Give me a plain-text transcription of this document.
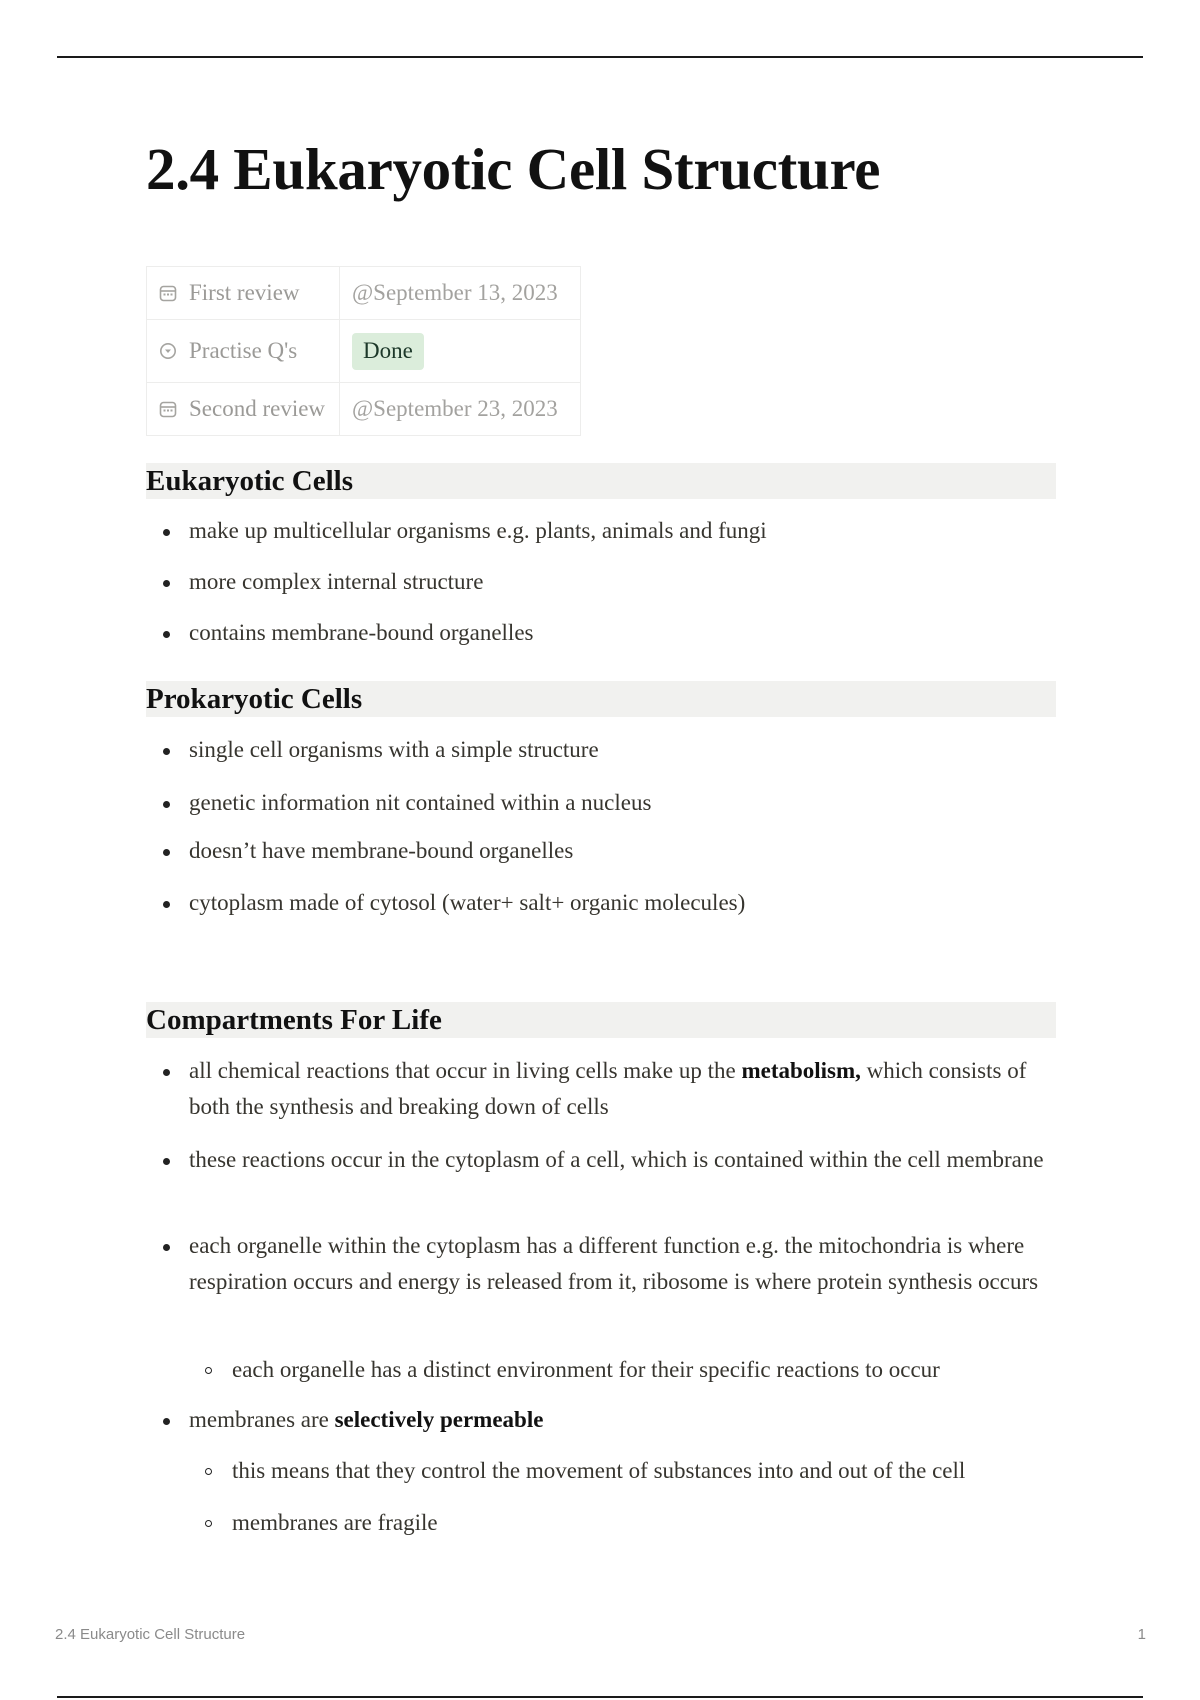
2.4 Eukaryotic Cell Structure
First review	@September 13, 2023
Practise Q's	Done
Second review	@September 23, 2023
Eukaryotic Cells
make up multicellular organisms e.g. plants, animals and fungi
more complex internal structure
contains membrane-bound organelles
Prokaryotic Cells
single cell organisms with a simple structure
genetic information nit contained within a nucleus
doesn’t have membrane-bound organelles
cytoplasm made of cytosol (water+ salt+ organic molecules)
Compartments For Life
all chemical reactions that occur in living cells make up the metabolism, which consists of both the synthesis and breaking down of cells
these reactions occur in the cytoplasm of a cell, which is contained within the cell membrane
each organelle within the cytoplasm has a different function e.g. the mitochondria is where respiration occurs and energy is released from it, ribosome is where protein synthesis occurs
each organelle has a distinct environment for their specific reactions to occur
membranes are selectively permeable
this means that they control the movement of substances into and out of the cell
membranes are fragile
2.4 Eukaryotic Cell Structure	1
